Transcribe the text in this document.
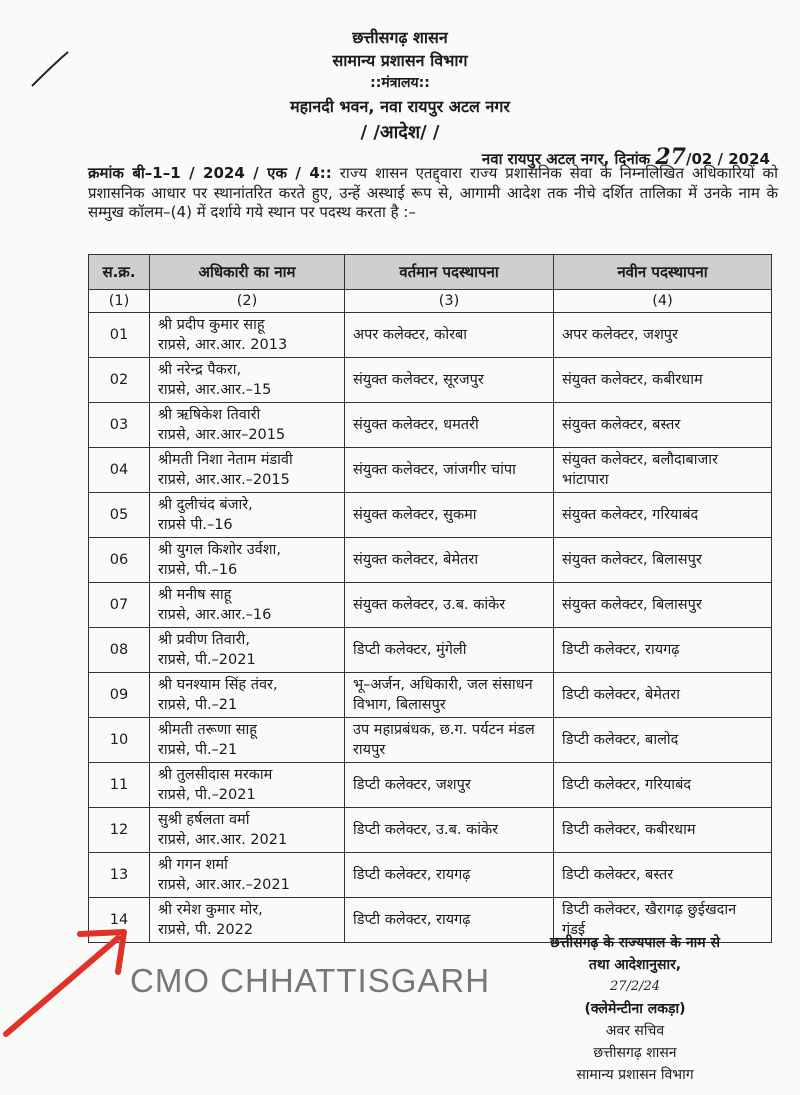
छत्तीसगढ़ शासन
सामान्य प्रशासन विभाग
::मंत्रालय::
महानदी भवन, नवा रायपुर अटल नगर
/ /आदेश/ /
नवा रायपुर अटल नगर, दिनांक 27/02 / 2024
क्रमांक बी–1–1 / 2024 / एक / 4:: राज्य शासन एतद्द्वारा राज्य प्रशासनिक सेवा के निम्नलिखित अधिकारियों को प्रशासनिक आधार पर स्थानांतरित करते हुए, उन्हें अस्थाई रूप से, आगामी आदेश तक नीचे दर्शित तालिका में उनके नाम के सम्मुख कॉलम–(4) में दर्शाये गये स्थान पर पदस्थ करता है :–
स.क्र.	अधिकारी का नाम	वर्तमान पदस्थापना	नवीन पदस्थापना
(1)	(2)	(3)	(4)

01	श्री प्रदीप कुमार साहू
राप्रसे, आर.आर. 2013	अपर कलेक्टर, कोरबा	अपर कलेक्टर, जशपुर

02	श्री नरेन्द्र पैकरा,
राप्रसे, आर.आर.–15	संयुक्त कलेक्टर, सूरजपुर	संयुक्त कलेक्टर, कबीरधाम

03	श्री ऋषिकेश तिवारी
राप्रसे, आर.आर–2015	संयुक्त कलेक्टर, धमतरी	संयुक्त कलेक्टर, बस्तर

04	श्रीमती निशा नेताम मंडावी
राप्रसे, आर.आर.–2015	संयुक्त कलेक्टर, जांजगीर चांपा	संयुक्त कलेक्टर, बलौदाबाजार भांटापारा

05	श्री दुलीचंद बंजारे,
राप्रसे पी.–16	संयुक्त कलेक्टर, सुकमा	संयुक्त कलेक्टर, गरियाबंद

06	श्री युगल किशोर उर्वशा,
राप्रसे, पी.–16	संयुक्त कलेक्टर, बेमेतरा	संयुक्त कलेक्टर, बिलासपुर

07	श्री मनीष साहू
राप्रसे, आर.आर.–16	संयुक्त कलेक्टर, उ.ब. कांकेर	संयुक्त कलेक्टर, बिलासपुर

08	श्री प्रवीण तिवारी,
राप्रसे, पी.–2021	डिप्टी कलेक्टर, मुंगेली	डिप्टी कलेक्टर, रायगढ़

09	श्री घनश्याम सिंह तंवर,
राप्रसे, पी.–21	भू–अर्जन, अधिकारी, जल संसाधन विभाग, बिलासपुर	डिप्टी कलेक्टर, बेमेतरा

10	श्रीमती तरूणा साहू
राप्रसे, पी.–21	उप महाप्रबंधक, छ.ग. पर्यटन मंडल रायपुर	डिप्टी कलेक्टर, बालोद

11	श्री तुलसीदास मरकाम
राप्रसे, पी.–2021	डिप्टी कलेक्टर, जशपुर	डिप्टी कलेक्टर, गरियाबंद

12	सुश्री हर्षलता वर्मा
राप्रसे, आर.आर. 2021	डिप्टी कलेक्टर, उ.ब. कांकेर	डिप्टी कलेक्टर, कबीरधाम

13	श्री गगन शर्मा
राप्रसे, आर.आर.–2021	डिप्टी कलेक्टर, रायगढ़	डिप्टी कलेक्टर, बस्तर

14	श्री रमेश कुमार मोर,
राप्रसे, पी. 2022	डिप्टी कलेक्टर, रायगढ़	डिप्टी कलेक्टर, खैरागढ़ छुईखदान गंडई
छत्तीसगढ़ के राज्यपाल के नाम से
तथा आदेशानुसार,
27/2/24
(क्लेमेन्टीना लकड़ा)
अवर सचिव
छत्तीसगढ़ शासन
सामान्य प्रशासन विभाग
CMO CHHATTISGARH
